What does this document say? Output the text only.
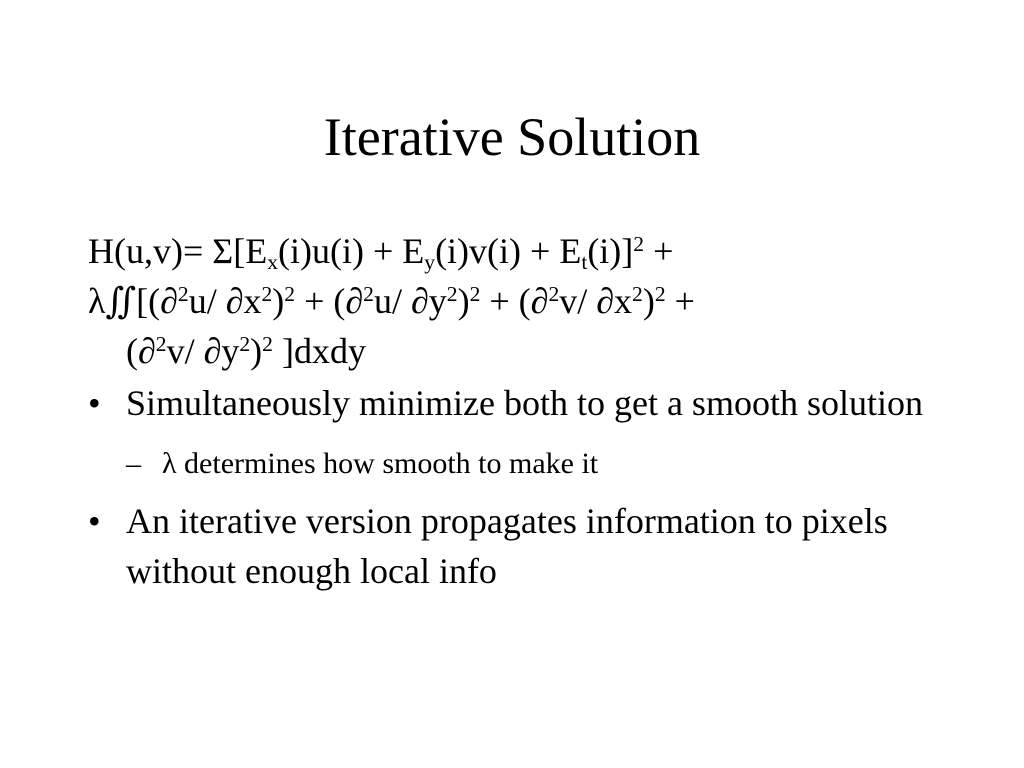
Iterative Solution
$H(u,v)= \Sigma[E_x(i)u(i) + E_y(i)v(i) + E_t(i)]^2$ +
λ∬[(∂$^2$u/ $\partial x^2)^2 + (\partial^2u/$ $\partial y^2)^2 + (\partial^2v/$ $\partial x^2)^2$ +
(∂$^2$v/ $\partial y^2)^2$ ]dxdy
• Simultaneously minimize both to get a smooth solution
– λ determines how smooth to make it
• An iterative version propagates information to pixels without enough local info
